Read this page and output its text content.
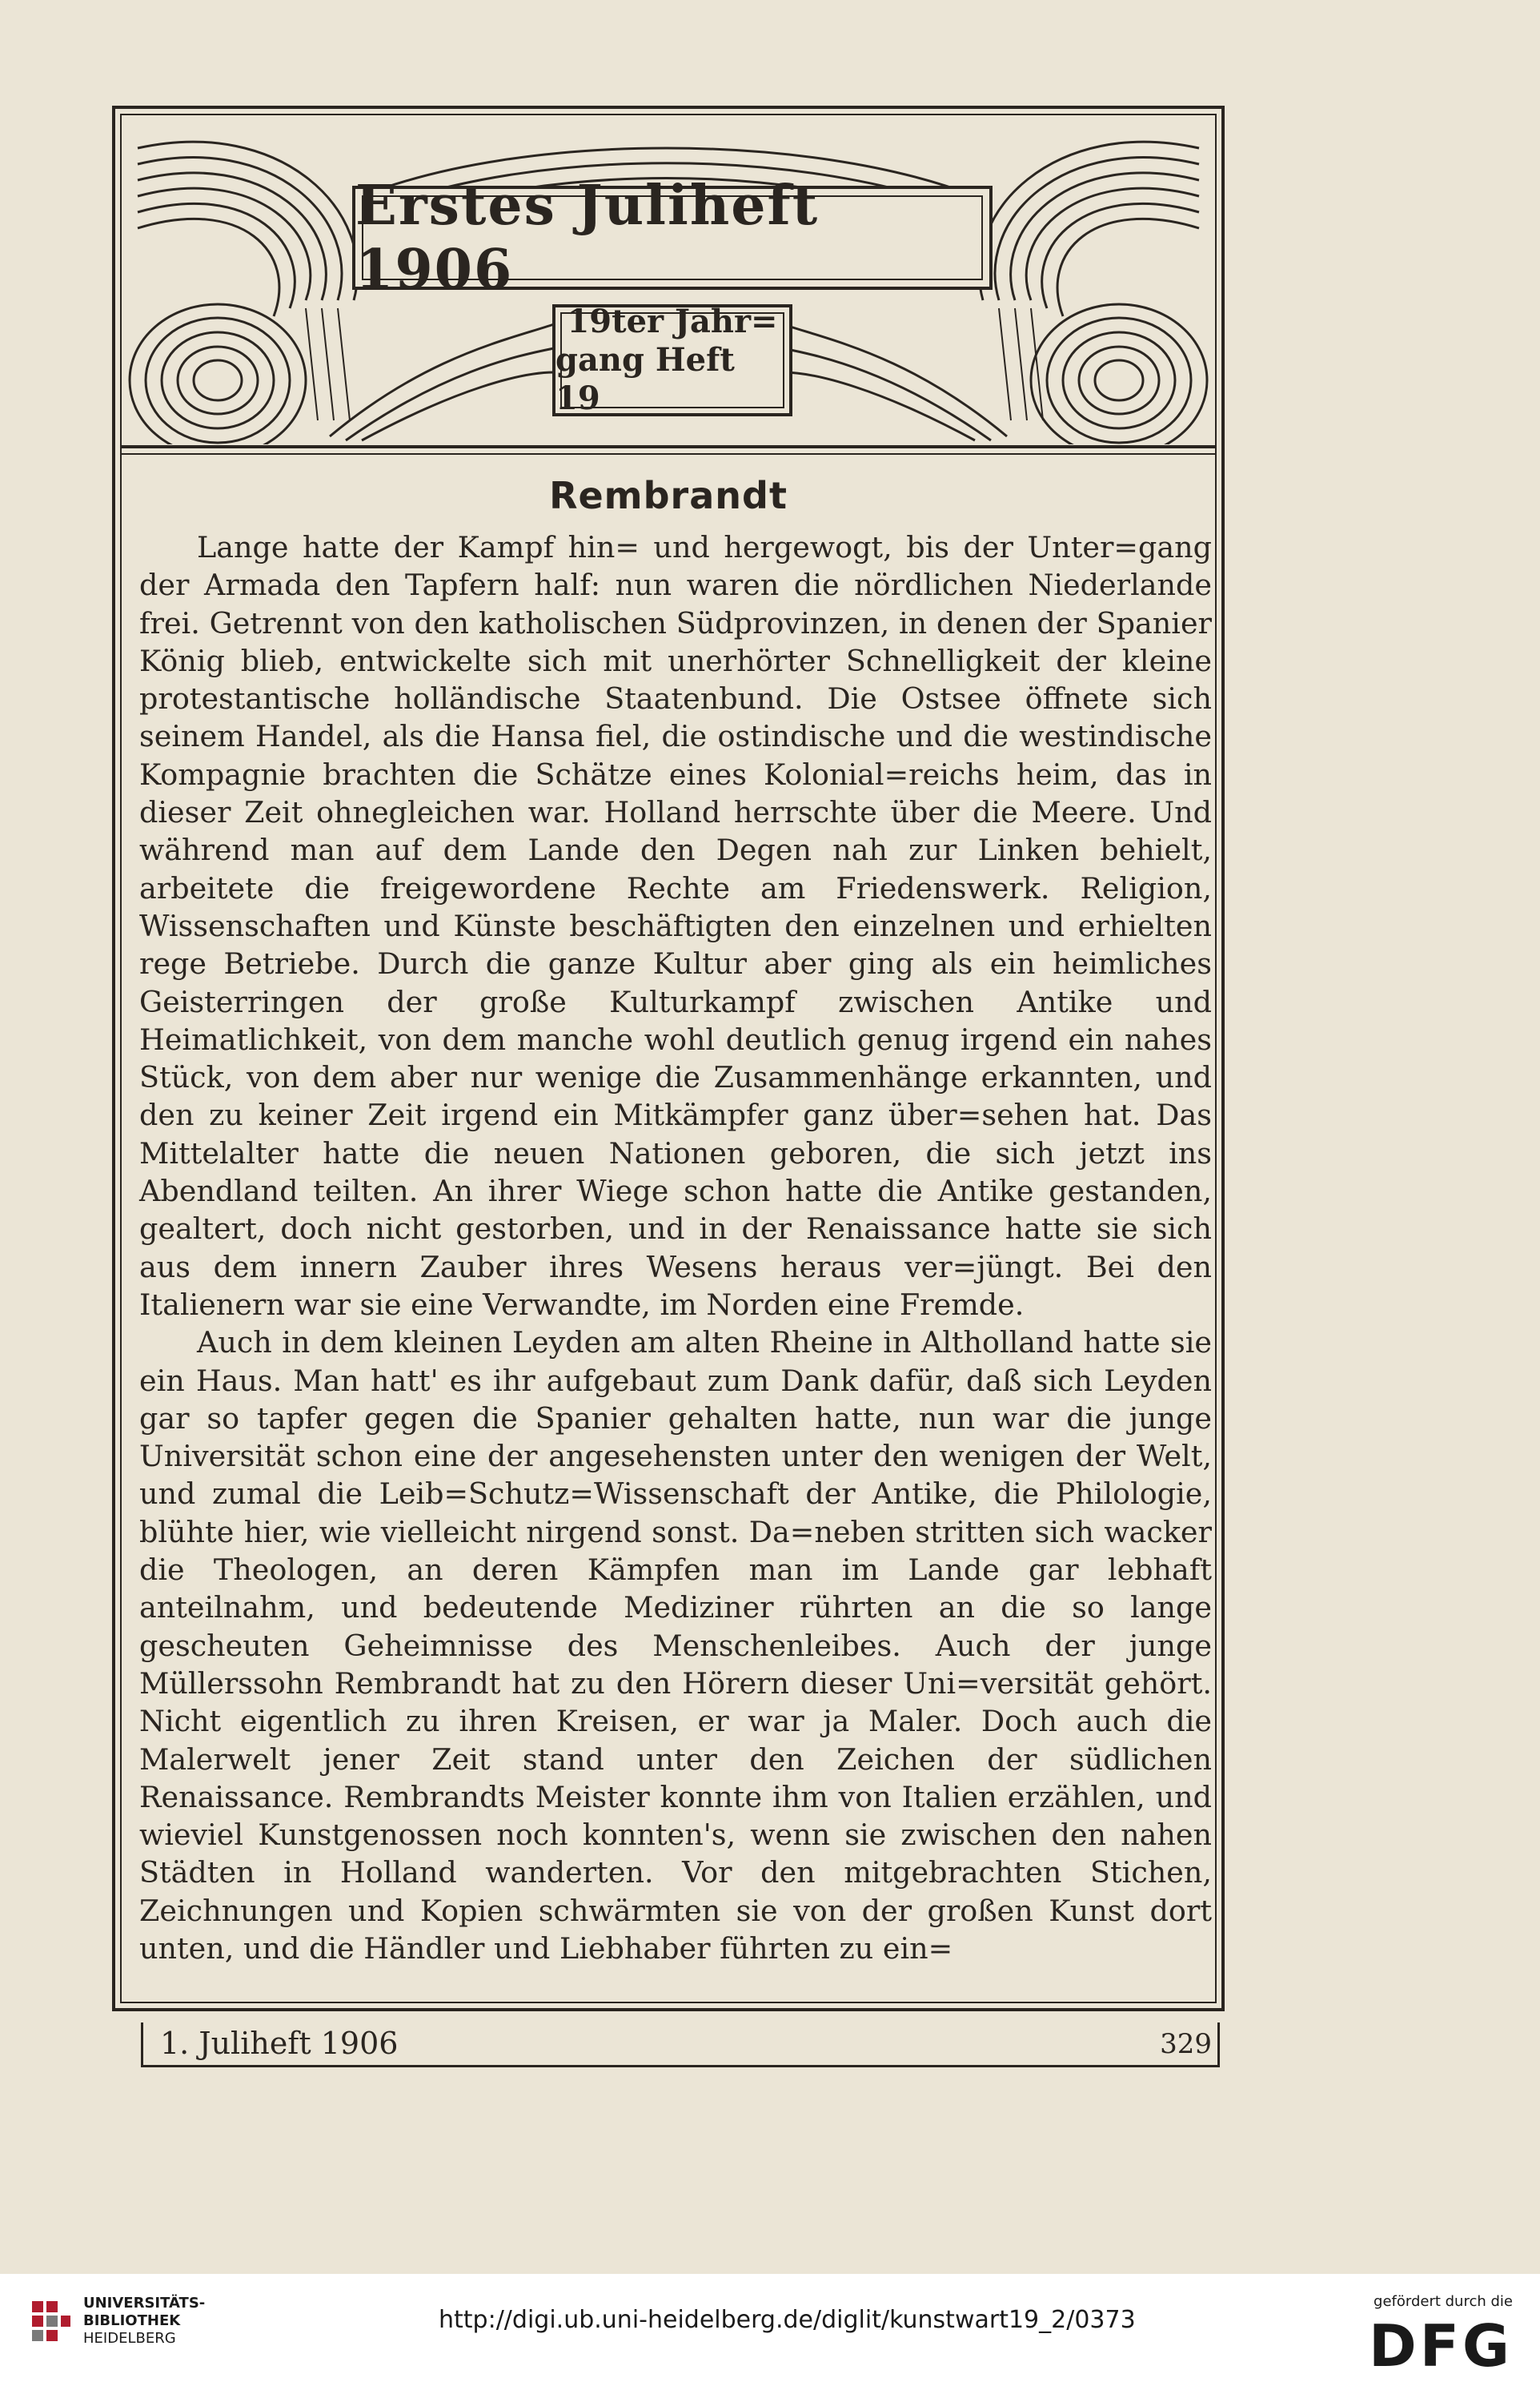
Erstes Juliheft 1906
19ter Jahr=
gang Heft 19
Rembrandt

Lange hatte der Kampf hin= und hergewogt, bis der Unter=gang der Armada den Tapfern half: nun waren die nördlichen Niederlande frei. Getrennt von den katholischen Südprovinzen, in denen der Spanier König blieb, entwickelte sich mit unerhörter Schnelligkeit der kleine protestantische holländische Staatenbund. Die Ostsee öffnete sich seinem Handel, als die Hansa fiel, die ostindische und die westindische Kompagnie brachten die Schätze eines Kolonial=reichs heim, das in dieser Zeit ohnegleichen war. Holland herrschte über die Meere. Und während man auf dem Lande den Degen nah zur Linken behielt, arbeitete die freigewordene Rechte am Friedenswerk. Religion, Wissenschaften und Künste beschäftigten den einzelnen und erhielten rege Betriebe. Durch die ganze Kultur aber ging als ein heimliches Geisterringen der große Kulturkampf zwischen Antike und Heimatlichkeit, von dem manche wohl deutlich genug irgend ein nahes Stück, von dem aber nur wenige die Zusammenhänge erkannten, und den zu keiner Zeit irgend ein Mitkämpfer ganz über=sehen hat. Das Mittelalter hatte die neuen Nationen geboren, die sich jetzt ins Abendland teilten. An ihrer Wiege schon hatte die Antike gestanden, gealtert, doch nicht gestorben, und in der Renaissance hatte sie sich aus dem innern Zauber ihres Wesens heraus ver=jüngt. Bei den Italienern war sie eine Verwandte, im Norden eine Fremde.

Auch in dem kleinen Leyden am alten Rheine in Altholland hatte sie ein Haus. Man hatt' es ihr aufgebaut zum Dank dafür, daß sich Leyden gar so tapfer gegen die Spanier gehalten hatte, nun war die junge Universität schon eine der angesehensten unter den wenigen der Welt, und zumal die Leib=Schutz=Wissenschaft der Antike, die Philologie, blühte hier, wie vielleicht nirgend sonst. Da=neben stritten sich wacker die Theologen, an deren Kämpfen man im Lande gar lebhaft anteilnahm, und bedeutende Mediziner rührten an die so lange gescheuten Geheimnisse des Menschenleibes. Auch der junge Müllerssohn Rembrandt hat zu den Hörern dieser Uni=versität gehört. Nicht eigentlich zu ihren Kreisen, er war ja Maler. Doch auch die Malerwelt jener Zeit stand unter den Zeichen der südlichen Renaissance. Rembrandts Meister konnte ihm von Italien erzählen, und wieviel Kunstgenossen noch konnten's, wenn sie zwischen den nahen Städten in Holland wanderten. Vor den mitgebrachten Stichen, Zeichnungen und Kopien schwärmten sie von der großen Kunst dort unten, und die Händler und Liebhaber führten zu ein=

1. Juliheft 1906	329
UNIVERSITÄTS-
BIBLIOTHEK
HEIDELBERG
http://digi.ub.uni-heidelberg.de/diglit/kunstwart19_2/0373
gefördert durch die
DFG
